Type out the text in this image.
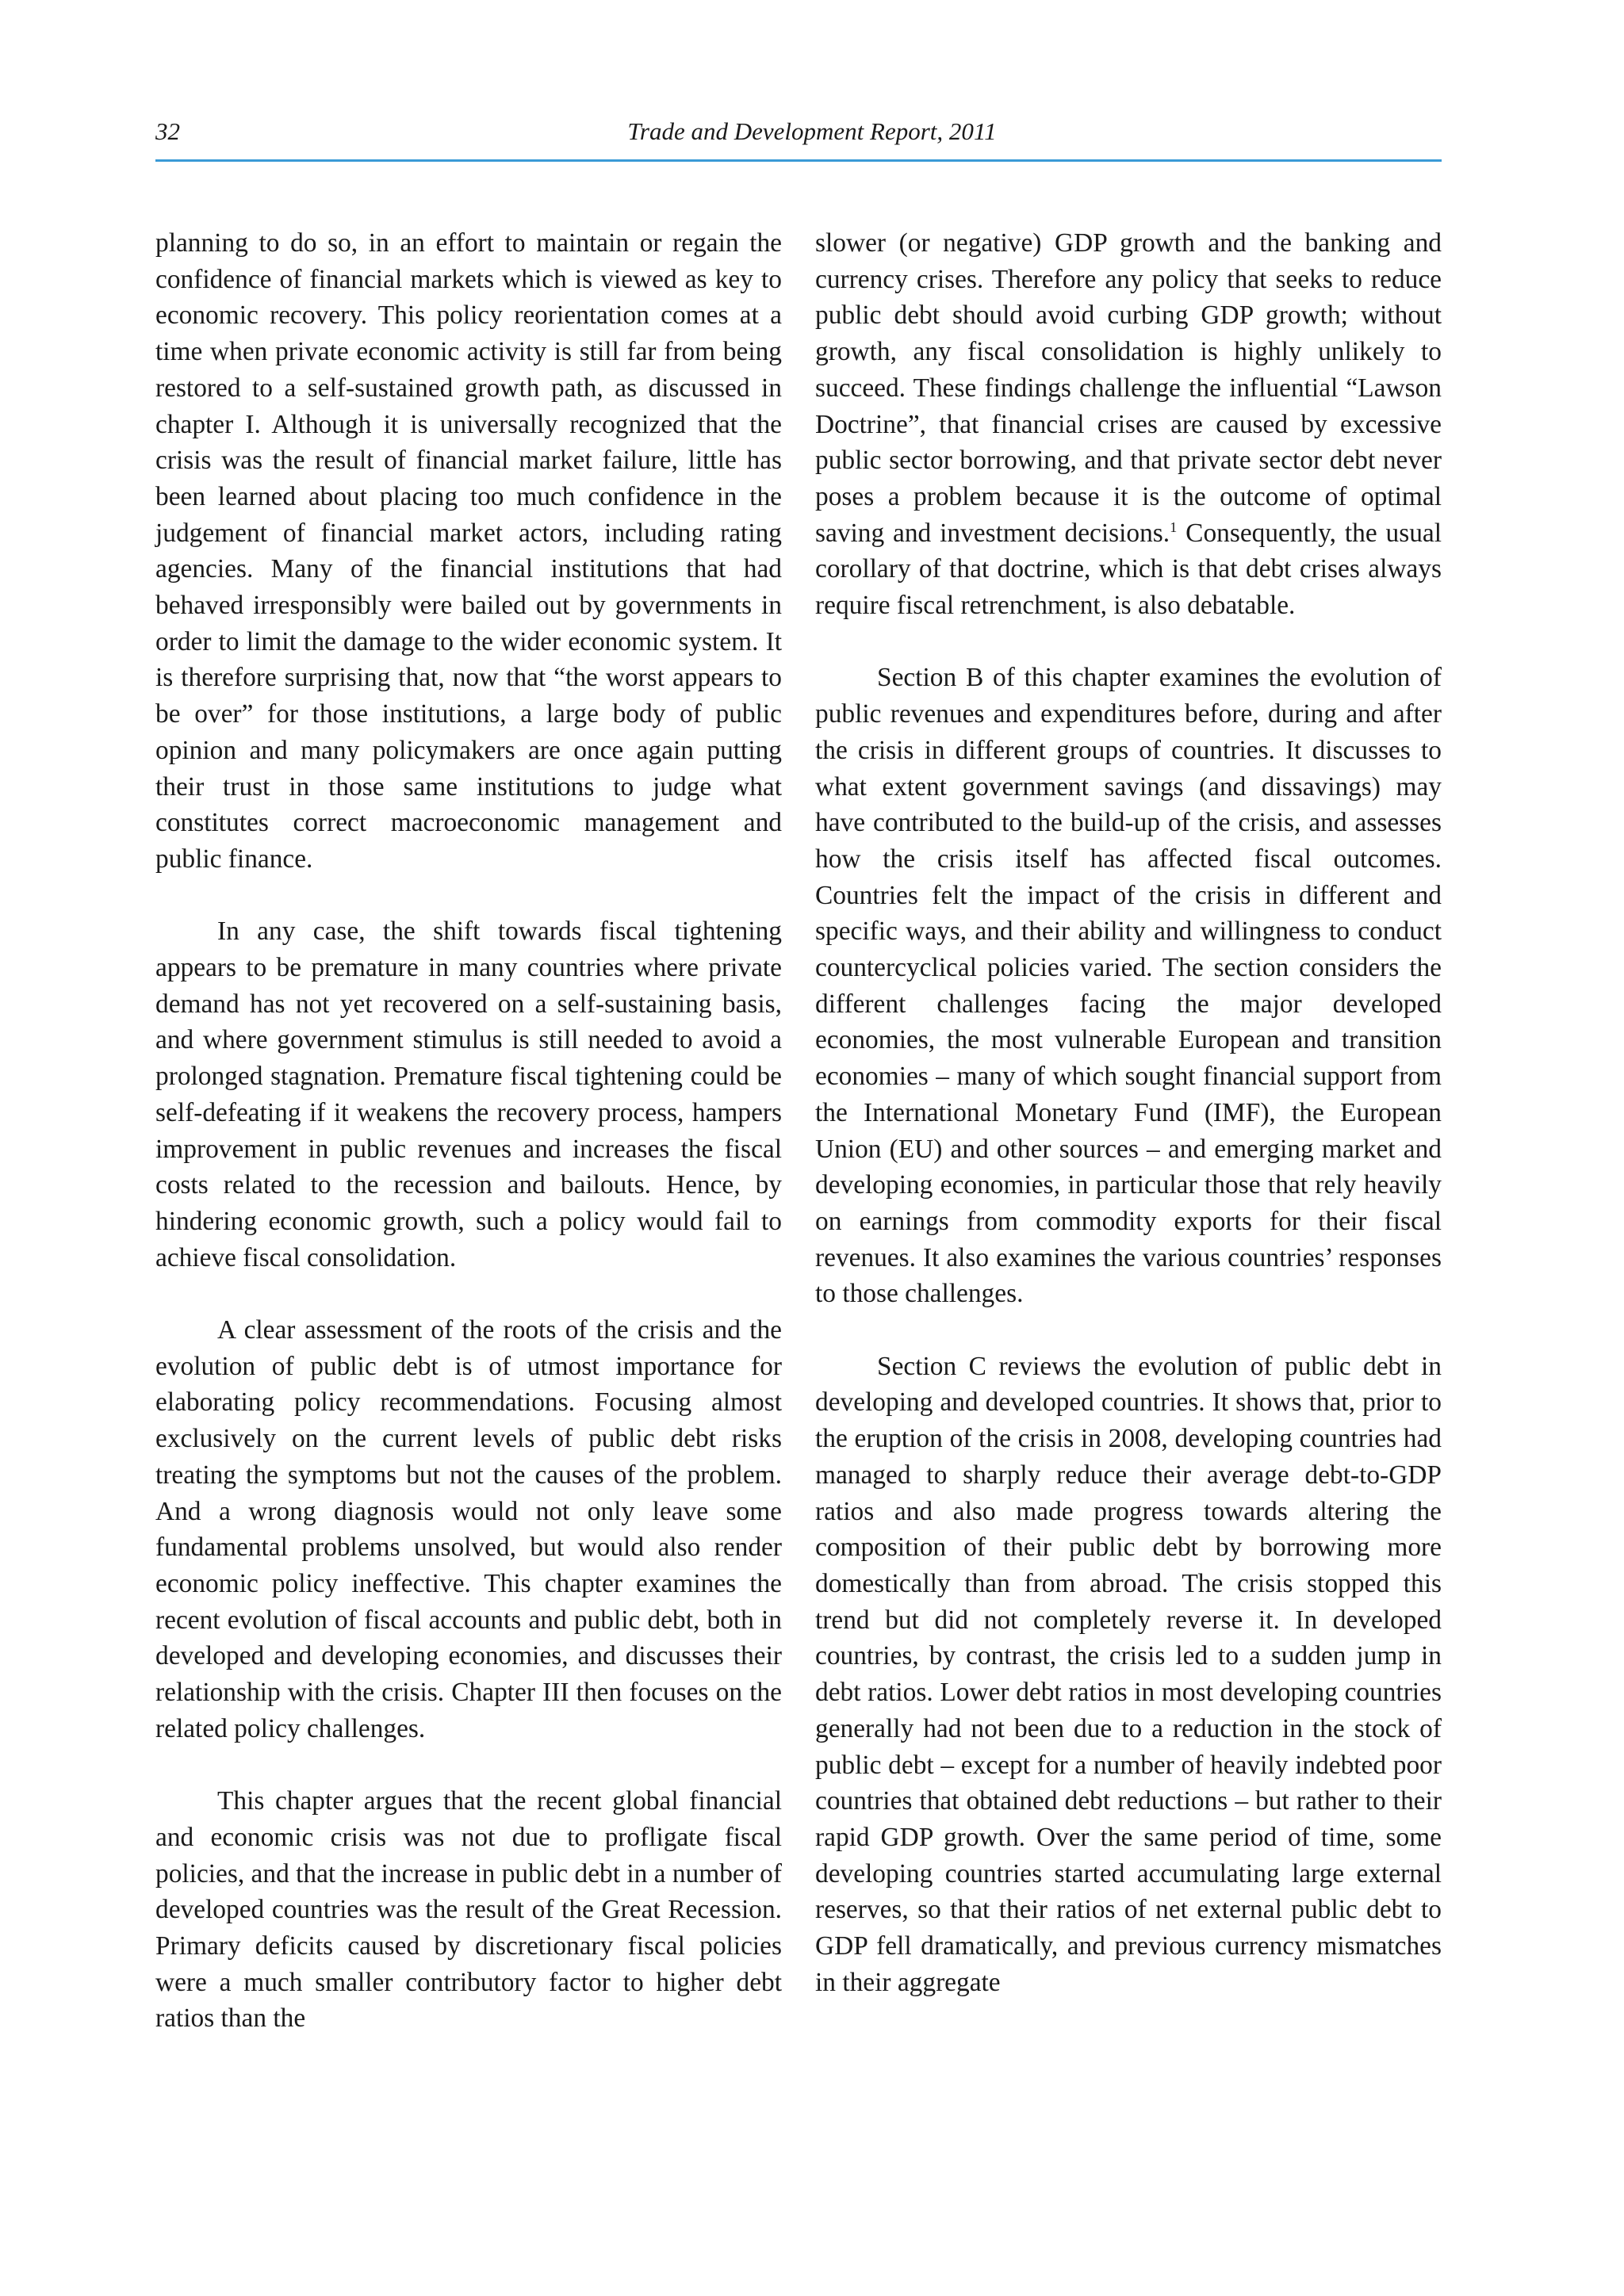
32	Trade and Development Report, 2011

planning to do so, in an effort to maintain or regain the confidence of financial markets which is viewed as key to economic recovery. This policy reorientation comes at a time when private economic activity is still far from being restored to a self-sustained growth path, as discussed in chapter I. Although it is universally recognized that the crisis was the result of financial market failure, little has been learned about placing too much confidence in the judgement of financial market actors, including rating agencies. Many of the financial institutions that had behaved irresponsibly were bailed out by governments in order to limit the damage to the wider economic system. It is therefore surprising that, now that “the worst appears to be over” for those institutions, a large body of public opinion and many policymakers are once again putting their trust in those same institutions to judge what constitutes correct macroeconomic management and public finance.

In any case, the shift towards fiscal tightening appears to be premature in many countries where private demand has not yet recovered on a self-sustaining basis, and where government stimulus is still needed to avoid a prolonged stagnation. Premature fiscal tightening could be self-defeating if it weakens the recovery process, hampers improvement in public revenues and increases the fiscal costs related to the recession and bailouts. Hence, by hindering economic growth, such a policy would fail to achieve fiscal consolidation.

A clear assessment of the roots of the crisis and the evolution of public debt is of utmost importance for elaborating policy recommendations. Focusing almost exclusively on the current levels of public debt risks treating the symptoms but not the causes of the problem. And a wrong diagnosis would not only leave some fundamental problems unsolved, but would also render economic policy ineffective. This chapter examines the recent evolution of fiscal accounts and public debt, both in developed and developing economies, and discusses their relationship with the crisis. Chapter III then focuses on the related policy challenges.

This chapter argues that the recent global financial and economic crisis was not due to profligate fiscal policies, and that the increase in public debt in a number of developed countries was the result of the Great Recession. Primary deficits caused by discretionary fiscal policies were a much smaller contributory factor to higher debt ratios than the

slower (or negative) GDP growth and the banking and currency crises. Therefore any policy that seeks to reduce public debt should avoid curbing GDP growth; without growth, any fiscal consolidation is highly unlikely to succeed. These findings challenge the influential “Lawson Doctrine”, that financial crises are caused by excessive public sector borrowing, and that private sector debt never poses a problem because it is the outcome of optimal saving and investment decisions.$^1$ Consequently, the usual corollary of that doctrine, which is that debt crises always require fiscal retrenchment, is also debatable.

Section B of this chapter examines the evolution of public revenues and expenditures before, during and after the crisis in different groups of countries. It discusses to what extent government savings (and dissavings) may have contributed to the build-up of the crisis, and assesses how the crisis itself has affected fiscal outcomes. Countries felt the impact of the crisis in different and specific ways, and their ability and willingness to conduct countercyclical policies varied. The section considers the different challenges facing the major developed economies, the most vulnerable European and transition economies – many of which sought financial support from the International Monetary Fund (IMF), the European Union (EU) and other sources – and emerging market and developing economies, in particular those that rely heavily on earnings from commodity exports for their fiscal revenues. It also examines the various countries’ responses to those challenges.

Section C reviews the evolution of public debt in developing and developed countries. It shows that, prior to the eruption of the crisis in 2008, developing countries had managed to sharply reduce their average debt-to-GDP ratios and also made progress towards altering the composition of their public debt by borrowing more domestically than from abroad. The crisis stopped this trend but did not completely reverse it. In developed countries, by contrast, the crisis led to a sudden jump in debt ratios. Lower debt ratios in most developing countries generally had not been due to a reduction in the stock of public debt – except for a number of heavily indebted poor countries that obtained debt reductions – but rather to their rapid GDP growth. Over the same period of time, some developing countries started accumulating large external reserves, so that their ratios of net external public debt to GDP fell dramatically, and previous currency mismatches in their aggregate
